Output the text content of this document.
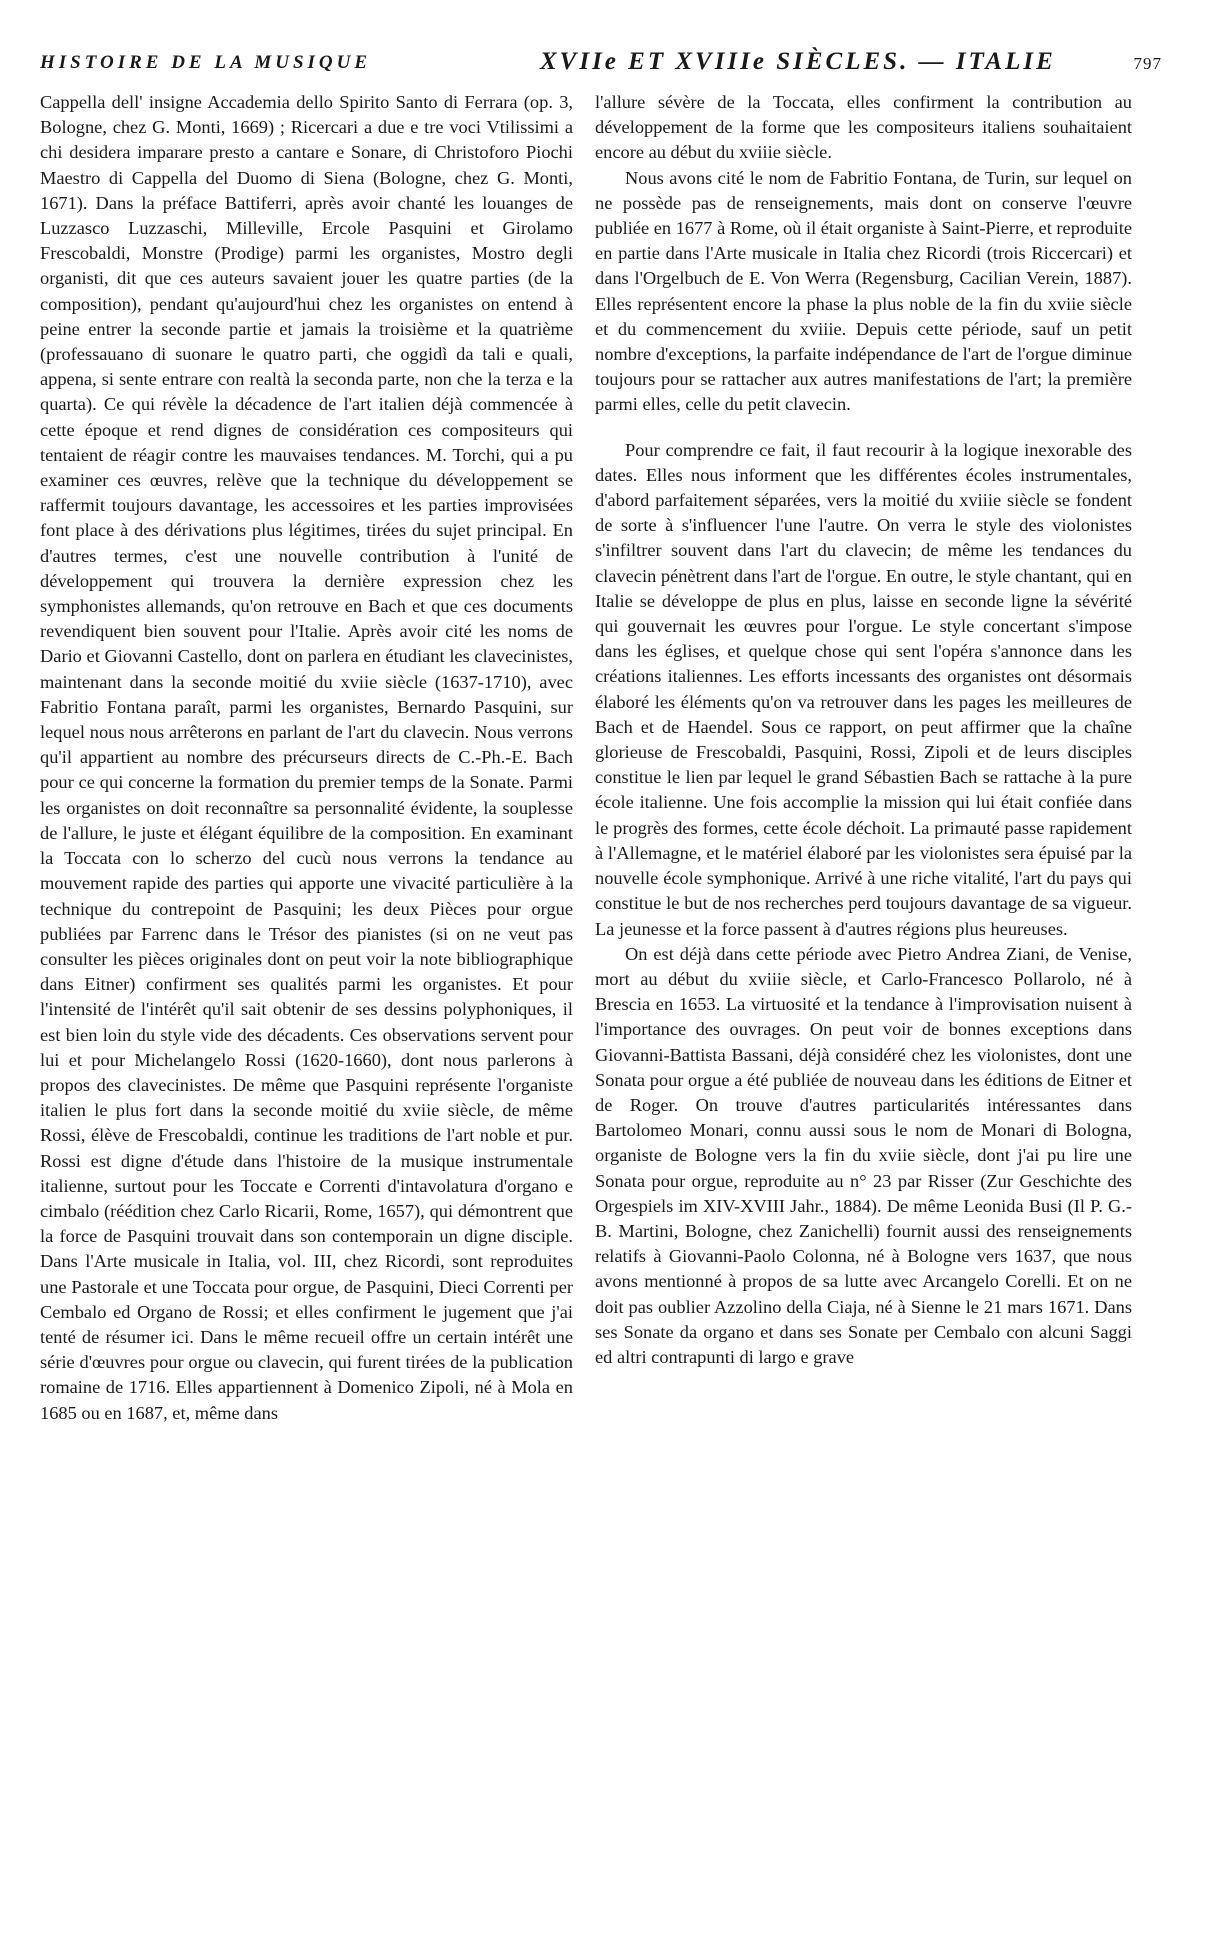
HISTOIRE DE LA MUSIQUE	XVIIe ET XVIIIe SIÈCLES. — ITALIE	797

Cappella dell' insigne Accademia dello Spirito Santo di Ferrara (op. 3, Bologne, chez G. Monti, 1669) ; Ricercari a due e tre voci Vtilissimi a chi desidera imparare presto a cantare e Sonare, di Christoforo Piochi Maestro di Cappella del Duomo di Siena (Bologne, chez G. Monti, 1671). Dans la préface Battiferri, après avoir chanté les louanges de Luzzasco Luzzaschi, Milleville, Ercole Pasquini et Girolamo Frescobaldi, Monstre (Prodige) parmi les organistes, Mostro degli organisti, dit que ces auteurs savaient jouer les quatre parties (de la composition), pendant qu'aujourd'hui chez les organistes on entend à peine entrer la seconde partie et jamais la troisième et la quatrième (professauano di suonare le quatro parti, che oggidì da tali e quali, appena, si sente entrare con realtà la seconda parte, non che la terza e la quarta). Ce qui révèle la décadence de l'art italien déjà commencée à cette époque et rend dignes de considération ces compositeurs qui tentaient de réagir contre les mauvaises tendances. M. Torchi, qui a pu examiner ces œuvres, relève que la technique du développement se raffermit toujours davantage, les accessoires et les parties improvisées font place à des dérivations plus légitimes, tirées du sujet principal. En d'autres termes, c'est une nouvelle contribution à l'unité de développement qui trouvera la dernière expression chez les symphonistes allemands, qu'on retrouve en Bach et que ces documents revendiquent bien souvent pour l'Italie. Après avoir cité les noms de Dario et Giovanni Castello, dont on parlera en étudiant les clavecinistes, maintenant dans la seconde moitié du xviie siècle (1637-1710), avec Fabritio Fontana paraît, parmi les organistes, Bernardo Pasquini, sur lequel nous nous arrêterons en parlant de l'art du clavecin. Nous verrons qu'il appartient au nombre des précurseurs directs de C.-Ph.-E. Bach pour ce qui concerne la formation du premier temps de la Sonate. Parmi les organistes on doit reconnaître sa personnalité évidente, la souplesse de l'allure, le juste et élégant équilibre de la composition. En examinant la Toccata con lo scherzo del cucù nous verrons la tendance au mouvement rapide des parties qui apporte une vivacité particulière à la technique du contrepoint de Pasquini; les deux Pièces pour orgue publiées par Farrenc dans le Trésor des pianistes (si on ne veut pas consulter les pièces originales dont on peut voir la note bibliographique dans Eitner) confirment ses qualités parmi les organistes. Et pour l'intensité de l'intérêt qu'il sait obtenir de ses dessins polyphoniques, il est bien loin du style vide des décadents. Ces observations servent pour lui et pour Michelangelo Rossi (1620-1660), dont nous parlerons à propos des clavecinistes. De même que Pasquini représente l'organiste italien le plus fort dans la seconde moitié du xviie siècle, de même Rossi, élève de Frescobaldi, continue les traditions de l'art noble et pur. Rossi est digne d'étude dans l'histoire de la musique instrumentale italienne, surtout pour les Toccate e Correnti d'intavolatura d'organo e cimbalo (réédition chez Carlo Ricarii, Rome, 1657), qui démontrent que la force de Pasquini trouvait dans son contemporain un digne disciple. Dans l'Arte musicale in Italia, vol. III, chez Ricordi, sont reproduites une Pastorale et une Toccata pour orgue, de Pasquini, Dieci Correnti per Cembalo ed Organo de Rossi; et elles confirment le jugement que j'ai tenté de résumer ici. Dans le même recueil offre un certain intérêt une série d'œuvres pour orgue ou clavecin, qui furent tirées de la publication romaine de 1716. Elles appartiennent à Domenico Zipoli, né à Mola en 1685 ou en 1687, et, même dans

l'allure sévère de la Toccata, elles confirment la contribution au développement de la forme que les compositeurs italiens souhaitaient encore au début du xviiie siècle.

Nous avons cité le nom de Fabritio Fontana, de Turin, sur lequel on ne possède pas de renseignements, mais dont on conserve l'œuvre publiée en 1677 à Rome, où il était organiste à Saint-Pierre, et reproduite en partie dans l'Arte musicale in Italia chez Ricordi (trois Riccercari) et dans l'Orgelbuch de E. Von Werra (Regensburg, Cacilian Verein, 1887). Elles représentent encore la phase la plus noble de la fin du xviie siècle et du commencement du xviiie. Depuis cette période, sauf un petit nombre d'exceptions, la parfaite indépendance de l'art de l'orgue diminue toujours pour se rattacher aux autres manifestations de l'art; la première parmi elles, celle du petit clavecin.

Pour comprendre ce fait, il faut recourir à la logique inexorable des dates. Elles nous informent que les différentes écoles instrumentales, d'abord parfaitement séparées, vers la moitié du xviiie siècle se fondent de sorte à s'influencer l'une l'autre. On verra le style des violonistes s'infiltrer souvent dans l'art du clavecin; de même les tendances du clavecin pénètrent dans l'art de l'orgue. En outre, le style chantant, qui en Italie se développe de plus en plus, laisse en seconde ligne la sévérité qui gouvernait les œuvres pour l'orgue. Le style concertant s'impose dans les églises, et quelque chose qui sent l'opéra s'annonce dans les créations italiennes. Les efforts incessants des organistes ont désormais élaboré les éléments qu'on va retrouver dans les pages les meilleures de Bach et de Haendel. Sous ce rapport, on peut affirmer que la chaîne glorieuse de Frescobaldi, Pasquini, Rossi, Zipoli et de leurs disciples constitue le lien par lequel le grand Sébastien Bach se rattache à la pure école italienne. Une fois accomplie la mission qui lui était confiée dans le progrès des formes, cette école déchoit. La primauté passe rapidement à l'Allemagne, et le matériel élaboré par les violonistes sera épuisé par la nouvelle école symphonique. Arrivé à une riche vitalité, l'art du pays qui constitue le but de nos recherches perd toujours davantage de sa vigueur. La jeunesse et la force passent à d'autres régions plus heureuses.

On est déjà dans cette période avec Pietro Andrea Ziani, de Venise, mort au début du xviiie siècle, et Carlo-Francesco Pollarolo, né à Brescia en 1653. La virtuosité et la tendance à l'improvisation nuisent à l'importance des ouvrages. On peut voir de bonnes exceptions dans Giovanni-Battista Bassani, déjà considéré chez les violonistes, dont une Sonata pour orgue a été publiée de nouveau dans les éditions de Eitner et de Roger. On trouve d'autres particularités intéressantes dans Bartolomeo Monari, connu aussi sous le nom de Monari di Bologna, organiste de Bologne vers la fin du xviie siècle, dont j'ai pu lire une Sonata pour orgue, reproduite au n° 23 par Risser (Zur Geschichte des Orgespiels im XIV-XVIII Jahr., 1884). De même Leonida Busi (Il P. G.-B. Martini, Bologne, chez Zanichelli) fournit aussi des renseignements relatifs à Giovanni-Paolo Colonna, né à Bologne vers 1637, que nous avons mentionné à propos de sa lutte avec Arcangelo Corelli. Et on ne doit pas oublier Azzolino della Ciaja, né à Sienne le 21 mars 1671. Dans ses Sonate da organo et dans ses Sonate per Cembalo con alcuni Saggi ed altri contrapunti di largo e grave
